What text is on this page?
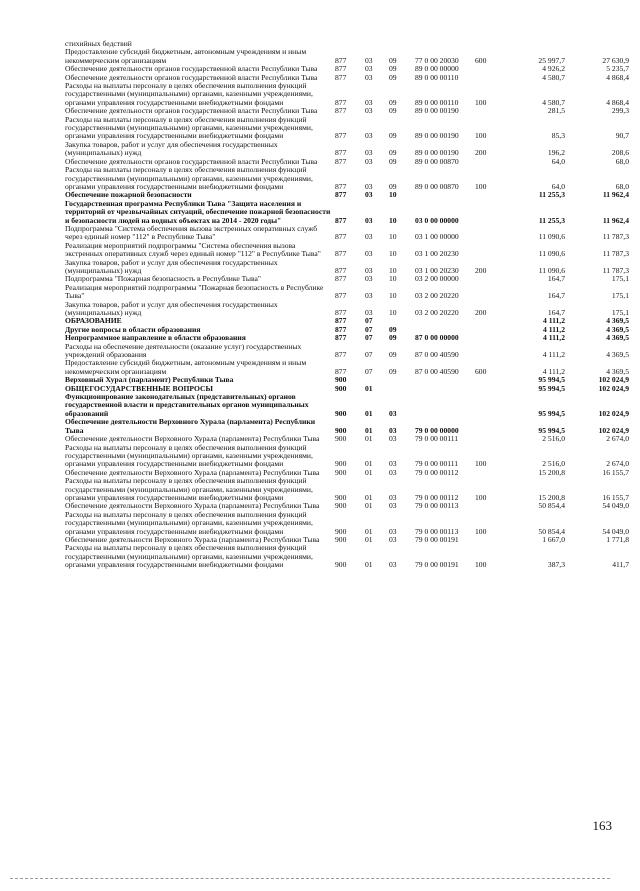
стихийных бедствий
Предоставление субсидий бюджетным, автономным учреждениям и иным некоммерческим организациям	877 03 09 77 0 00 20030 600	25 997,7	27 630,9
Обеспечение деятельности органов государственной власти Республики Тыва	877 03 09 89 0 00 00000	4 926,2	5 235,7
Обеспечение деятельности органов государственной власти Республики Тыва	877 03 09 89 0 00 00110	4 580,7	4 868,4
Расходы на выплаты персоналу в целях обеспечения выполнения функций государственными (муниципальными) органами, казенными учреждениями, органами управления государственными внебюджетными фондами	877 03 09 89 0 00 00110 100	4 580,7	4 868,4
Обеспечение деятельности органов государственной власти Республики Тыва	877 03 09 89 0 00 00190	281,5	299,3
Расходы на выплаты персоналу в целях обеспечения выполнения функций государственными (муниципальными) органами, казенными учреждениями, органами управления государственными внебюджетными фондами	877 03 09 89 0 00 00190 100	85,3	90,7
Закупка товаров, работ и услуг для обеспечения государственных (муниципальных) нужд	877 03 09 89 0 00 00190 200	196,2	208,6
Обеспечение деятельности органов государственной власти Республики Тыва	877 03 09 89 0 00 00870	64,0	68,0
Расходы на выплаты персоналу в целях обеспечения выполнения функций государственными (муниципальными) органами, казенными учреждениями, органами управления государственными внебюджетными фондами	877 03 09 89 0 00 00870 100	64,0	68,0
Обеспечение пожарной безопасности	877 03 10	11 255,3	11 962,4
Государственная программа Республики Тыва "Защита населения и территорий от чрезвычайных ситуаций, обеспечение пожарной безопасности и безопасности людей на водных объектах на 2014 - 2020 годы"	877 03 10 03 0 00 00000	11 255,3	11 962,4
Подпрограмма "Система обеспечения вызова экстренных оперативных служб через единый номер "112" в Республике Тыва"	877 03 10 03 1 00 00000	11 090,6	11 787,3
Реализация мероприятий подпрограммы "Система обеспечения вызова экстренных оперативных служб через единый номер "112" в Республике Тыва"	877 03 10 03 1 00 20230	11 090,6	11 787,3
Закупка товаров, работ и услуг для обеспечения государственных (муниципальных) нужд	877 03 10 03 1 00 20230 200	11 090,6	11 787,3
Подпрограмма "Пожарная безопасность в Республике Тыва"	877 03 10 03 2 00 00000	164,7	175,1
Реализация мероприятий подпрограммы "Пожарная безопасность в Республике Тыва"	877 03 10 03 2 00 20220	164,7	175,1
Закупка товаров, работ и услуг для обеспечения государственных (муниципальных) нужд	877 03 10 03 2 00 20220 200	164,7	175,1
ОБРАЗОВАНИЕ	877 07	4 111,2	4 369,5
Другие вопросы в области образования	877 07 09	4 111,2	4 369,5
Непрограммное направление в области образования	877 07 09 87 0 00 00000	4 111,2	4 369,5
Расходы на обеспечение деятельности (оказание услуг) государственных учреждений образования	877 07 09 87 0 00 40590	4 111,2	4 369,5
Предоставление субсидий бюджетным, автономным учреждениям и иным некоммерческим организациям	877 07 09 87 0 00 40590 600	4 111,2	4 369,5
Верховный Хурал (парламент) Республики Тыва	900	95 994,5	102 024,9
ОБЩЕГОСУДАРСТВЕННЫЕ ВОПРОСЫ	900 01	95 994,5	102 024,9
Функционирование законодательных (представительных) органов государственной власти и представительных органов муниципальных образований	900 01 03	95 994,5	102 024,9
Обеспечение деятельности Верховного Хурала (парламента) Республики Тыва	900 01 03 79 0 00 00000	95 994,5	102 024,9
Обеспечение деятельности Верховного Хурала (парламента) Республики Тыва	900 01 03 79 0 00 00111	2 516,0	2 674,0
Расходы на выплаты персоналу в целях обеспечения выполнения функций государственными (муниципальными) органами, казенными учреждениями, органами управления государственными внебюджетными фондами	900 01 03 79 0 00 00111 100	2 516,0	2 674,0
Обеспечение деятельности Верховного Хурала (парламента) Республики Тыва	900 01 03 79 0 00 00112	15 200,8	16 155,7
Расходы на выплаты персоналу в целях обеспечения выполнения функций государственными (муниципальными) органами, казенными учреждениями, органами управления государственными внебюджетными фондами	900 01 03 79 0 00 00112 100	15 200,8	16 155,7
Обеспечение деятельности Верховного Хурала (парламента) Республики Тыва	900 01 03 79 0 00 00113	50 854,4	54 049,0
Расходы на выплаты персоналу в целях обеспечения выполнения функций государственными (муниципальными) органами, казенными учреждениями, органами управления государственными внебюджетными фондами	900 01 03 79 0 00 00113 100	50 854,4	54 049,0
Обеспечение деятельности Верховного Хурала (парламента) Республики Тыва	900 01 03 79 0 00 00191	1 667,0	1 771,8
Расходы на выплаты персоналу в целях обеспечения выполнения функций государственными (муниципальными) органами, казенными учреждениями, органами управления государственными внебюджетными фондами	900 01 03 79 0 00 00191 100	387,3	411,7
163
